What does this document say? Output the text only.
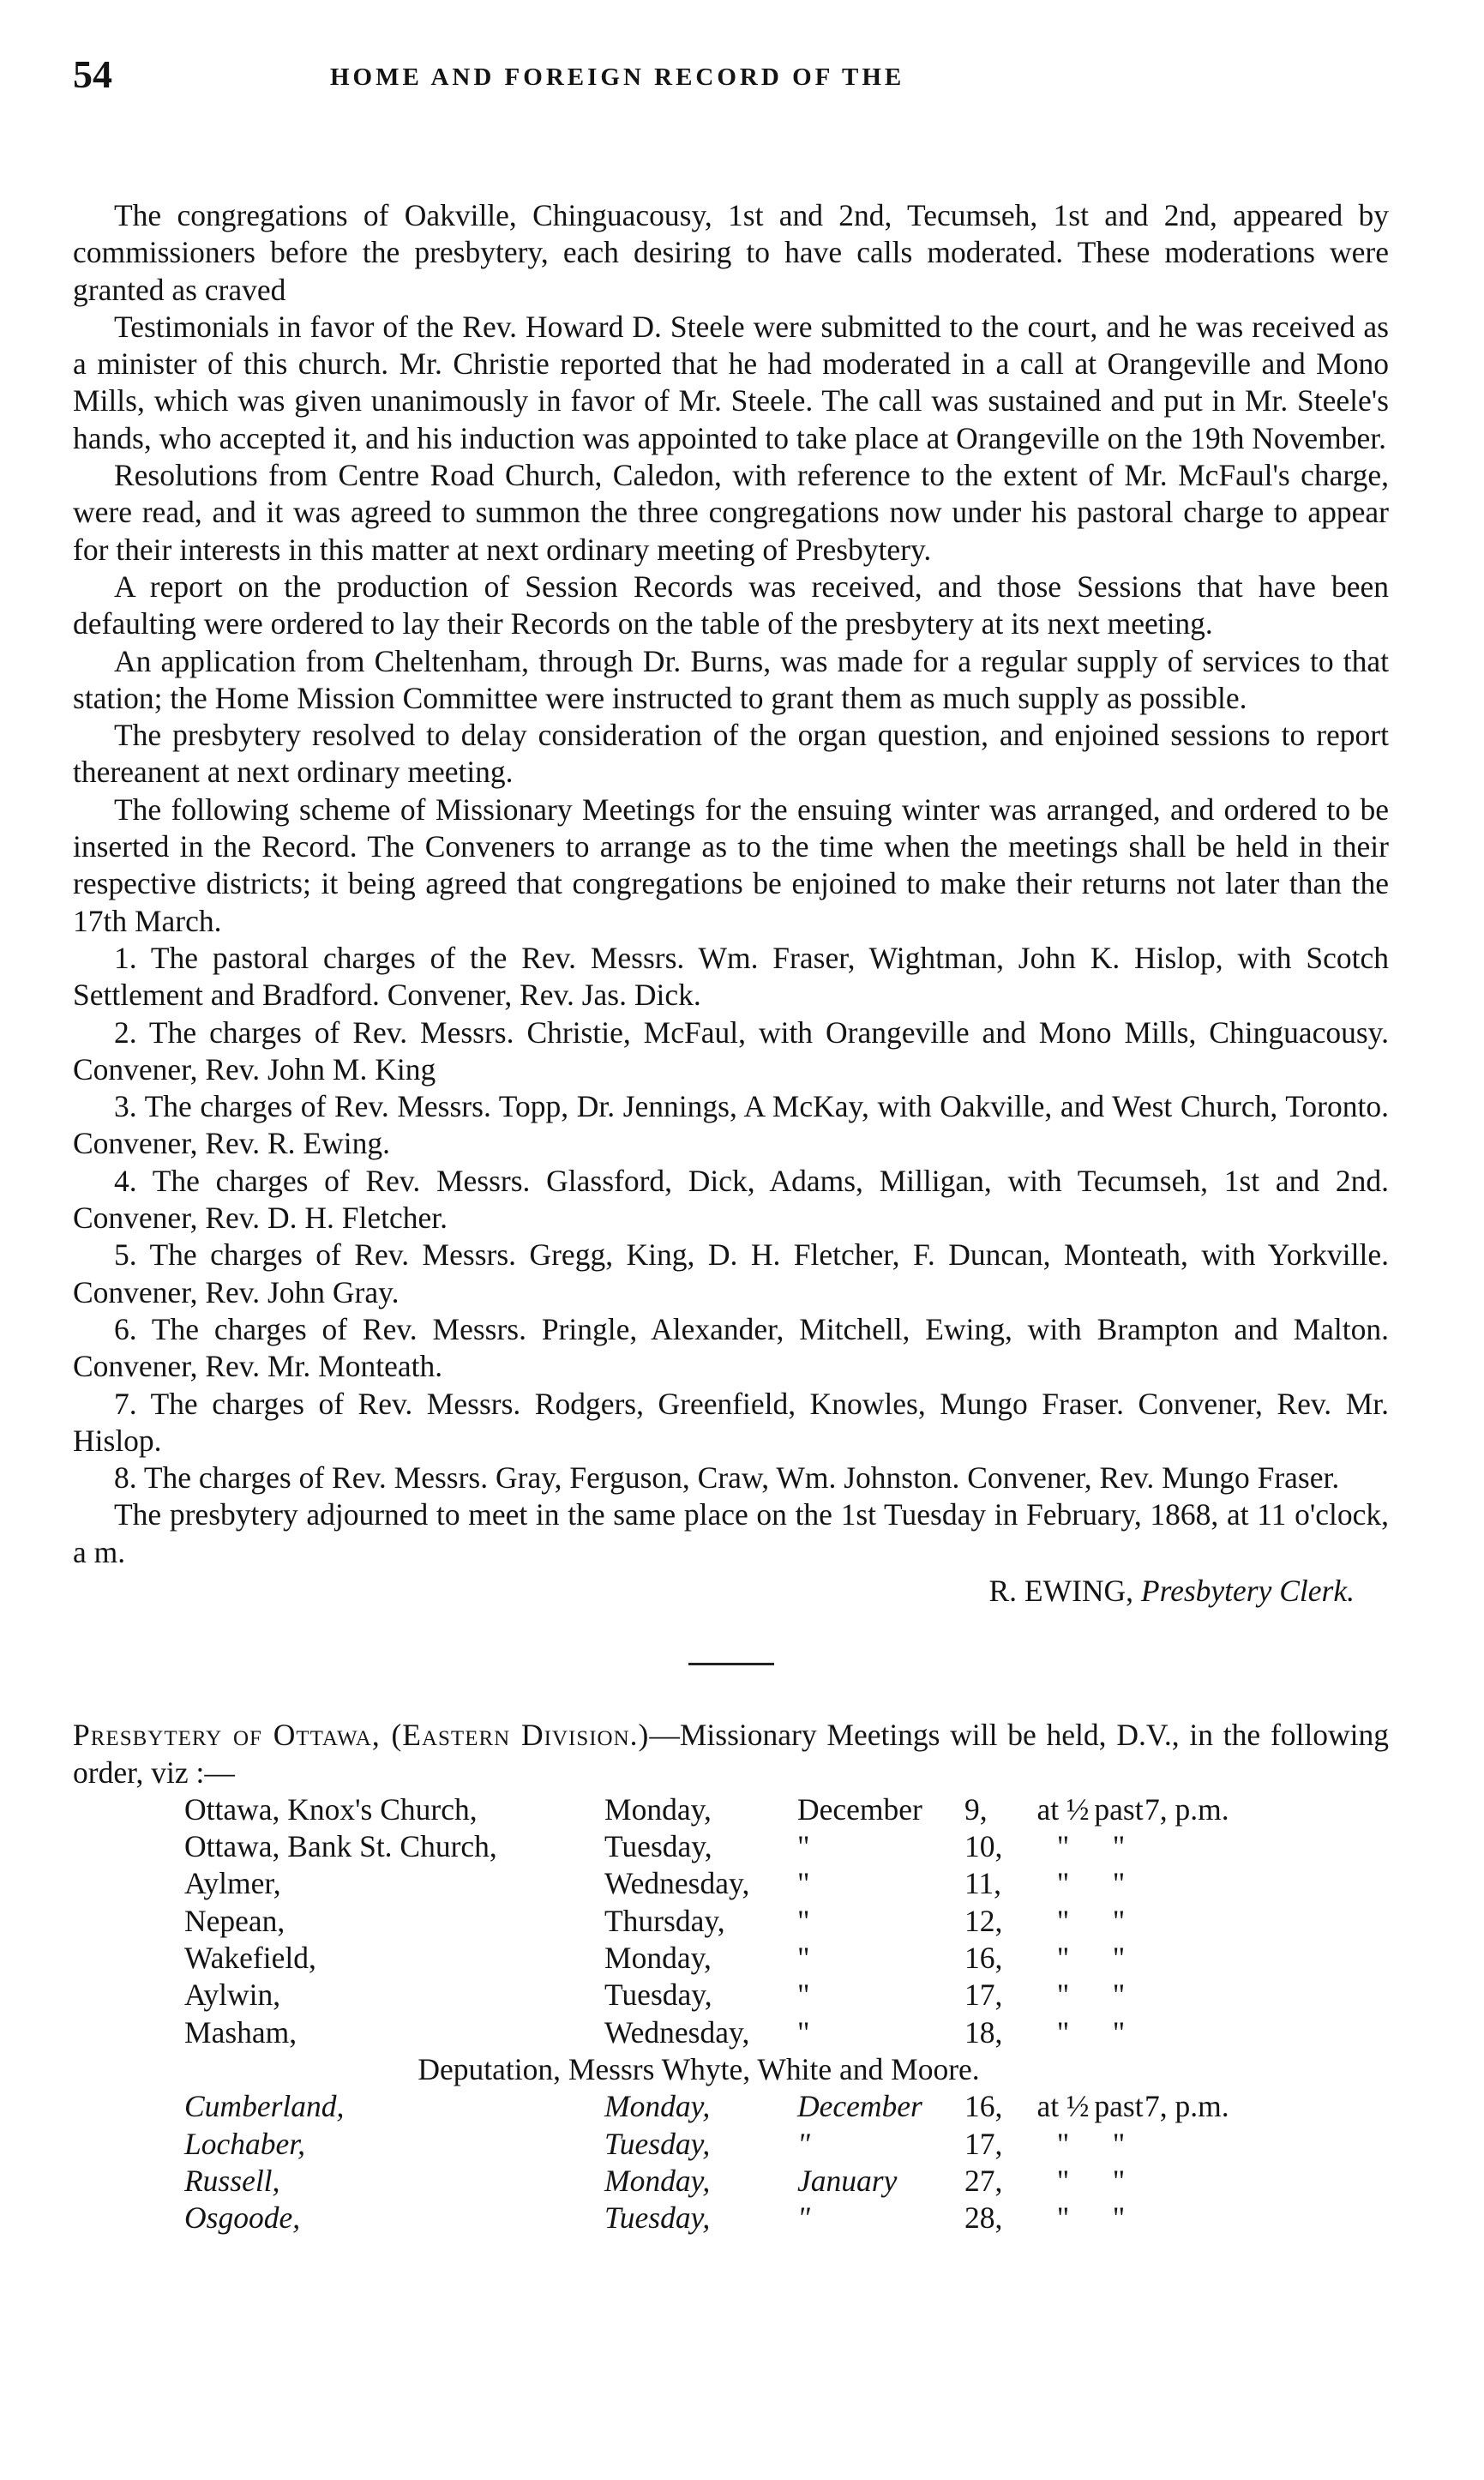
54	HOME AND FOREIGN RECORD OF THE

The congregations of Oakville, Chinguacousy, 1st and 2nd, Tecumseh, 1st and 2nd, appeared by commissioners before the presbytery, each desiring to have calls moderated. These moderations were granted as craved

Testimonials in favor of the Rev. Howard D. Steele were submitted to the court, and he was received as a minister of this church. Mr. Christie reported that he had moderated in a call at Orangeville and Mono Mills, which was given unanimously in favor of Mr. Steele. The call was sustained and put in Mr. Steele's hands, who accepted it, and his induction was appointed to take place at Orangeville on the 19th November.

Resolutions from Centre Road Church, Caledon, with reference to the extent of Mr. McFaul's charge, were read, and it was agreed to summon the three congregations now under his pastoral charge to appear for their interests in this matter at next ordinary meeting of Presbytery.

A report on the production of Session Records was received, and those Sessions that have been defaulting were ordered to lay their Records on the table of the presbytery at its next meeting.

An application from Cheltenham, through Dr. Burns, was made for a regular supply of services to that station; the Home Mission Committee were instructed to grant them as much supply as possible.

The presbytery resolved to delay consideration of the organ question, and enjoined sessions to report thereanent at next ordinary meeting.

The following scheme of Missionary Meetings for the ensuing winter was arranged, and ordered to be inserted in the Record. The Conveners to arrange as to the time when the meetings shall be held in their respective districts; it being agreed that congregations be enjoined to make their returns not later than the 17th March.

1. The pastoral charges of the Rev. Messrs. Wm. Fraser, Wightman, John K. Hislop, with Scotch Settlement and Bradford. Convener, Rev. Jas. Dick.

2. The charges of Rev. Messrs. Christie, McFaul, with Orangeville and Mono Mills, Chinguacousy. Convener, Rev. John M. King

3. The charges of Rev. Messrs. Topp, Dr. Jennings, A McKay, with Oakville, and West Church, Toronto. Convener, Rev. R. Ewing.

4. The charges of Rev. Messrs. Glassford, Dick, Adams, Milligan, with Tecumseh, 1st and 2nd. Convener, Rev. D. H. Fletcher.

5. The charges of Rev. Messrs. Gregg, King, D. H. Fletcher, F. Duncan, Monteath, with Yorkville. Convener, Rev. John Gray.

6. The charges of Rev. Messrs. Pringle, Alexander, Mitchell, Ewing, with Brampton and Malton. Convener, Rev. Mr. Monteath.

7. The charges of Rev. Messrs. Rodgers, Greenfield, Knowles, Mungo Fraser. Convener, Rev. Mr. Hislop.

8. The charges of Rev. Messrs. Gray, Ferguson, Craw, Wm. Johnston. Convener, Rev. Mungo Fraser.

The presbytery adjourned to meet in the same place on the 1st Tuesday in February, 1868, at 11 o'clock, a m.

R. EWING, Presbytery Clerk.
Presbytery of Ottawa, (Eastern Division.)—Missionary Meetings will be held, D.V., in the following order, viz :—
Ottawa, Knox's Church,	Monday,	December	9,	at ½	past	7, p.m.
Ottawa, Bank St. Church,	Tuesday,	"	10,	"	"	
Aylmer,	Wednesday,	"	11,	"	"	
Nepean,	Thursday,	"	12,	"	"	
Wakefield,	Monday,	"	16,	"	"	
Aylwin,	Tuesday,	"	17,	"	"	
Masham,	Wednesday,	"	18,	"	"	
Deputation, Messrs Whyte, White and Moore.
Cumberland,	Monday,	December	16,	at ½	past	7, p.m.
Lochaber,	Tuesday,	"	17,	"	"	
Russell,	Monday,	January	27,	"	"	
Osgoode,	Tuesday,	"	28,	"	"	
